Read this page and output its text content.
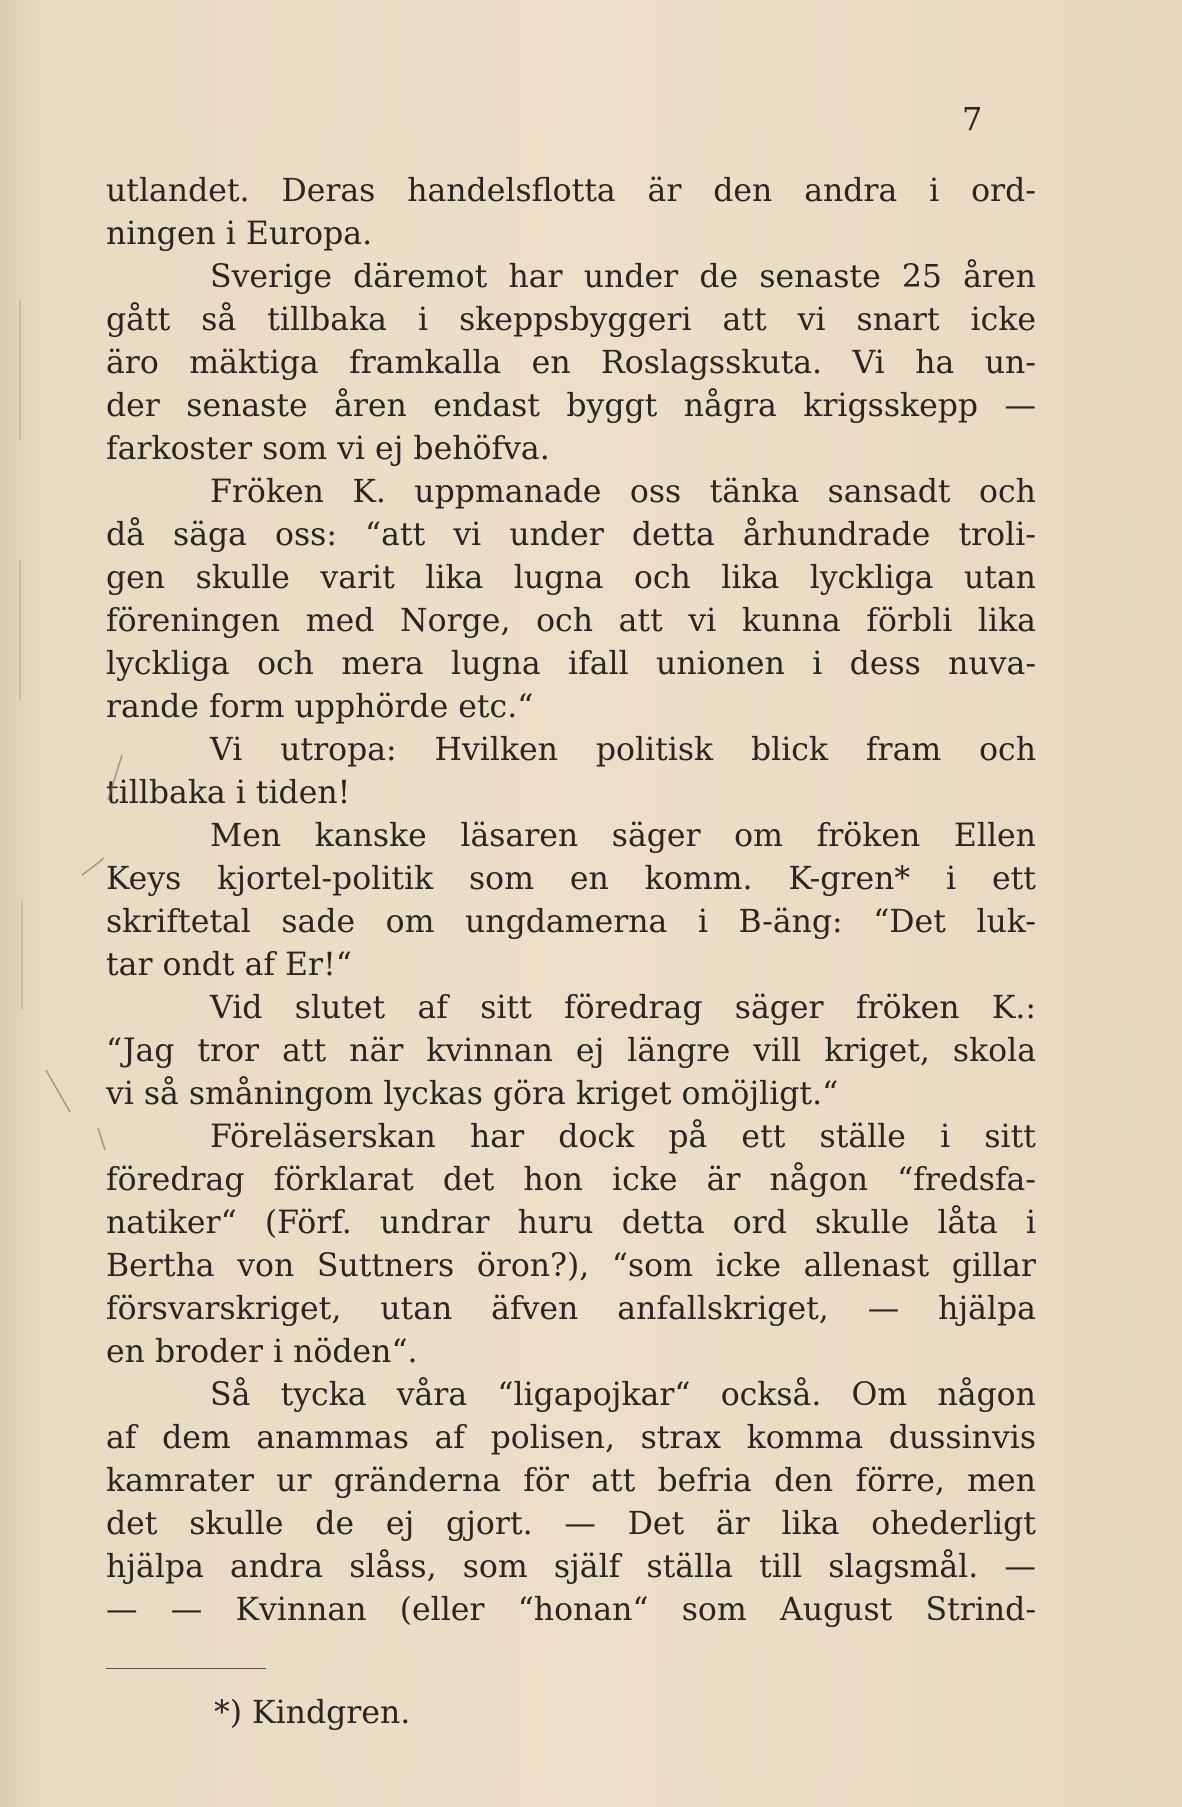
7
utlandet. Deras handelsflotta är den andra i ord-
ningen i Europa.
Sverige däremot har under de senaste 25 åren
gått så tillbaka i skeppsbyggeri att vi snart icke
äro mäktiga framkalla en Roslagsskuta. Vi ha un-
der senaste åren endast byggt några krigsskepp —
farkoster som vi ej behöfva.
Fröken K. uppmanade oss tänka sansadt och
då säga oss: “att vi under detta århundrade troli-
gen skulle varit lika lugna och lika lyckliga utan
föreningen med Norge, och att vi kunna förbli lika
lyckliga och mera lugna ifall unionen i dess nuva-
rande form upphörde etc.“
Vi utropa: Hvilken politisk blick fram och
tillbaka i tiden!
Men kanske läsaren säger om fröken Ellen
Keys kjortel-politik som en komm. K-gren* i ett
skriftetal sade om ungdamerna i B-äng: “Det luk-
tar ondt af Er!“
Vid slutet af sitt föredrag säger fröken K.:
“Jag tror att när kvinnan ej längre vill kriget, skola
vi så småningom lyckas göra kriget omöjligt.“
Föreläserskan har dock på ett ställe i sitt
föredrag förklarat det hon icke är någon “fredsfa-
natiker“ (Förf. undrar huru detta ord skulle låta i
Bertha von Suttners öron?), “som icke allenast gillar
försvarskriget, utan äfven anfallskriget, — hjälpa
en broder i nöden“.
Så tycka våra “ligapojkar“ också. Om någon
af dem anammas af polisen, strax komma dussinvis
kamrater ur gränderna för att befria den förre, men
det skulle de ej gjort. — Det är lika ohederligt
hjälpa andra slåss, som själf ställa till slagsmål. —
— — Kvinnan (eller “honan“ som August Strind-
*) Kindgren.
